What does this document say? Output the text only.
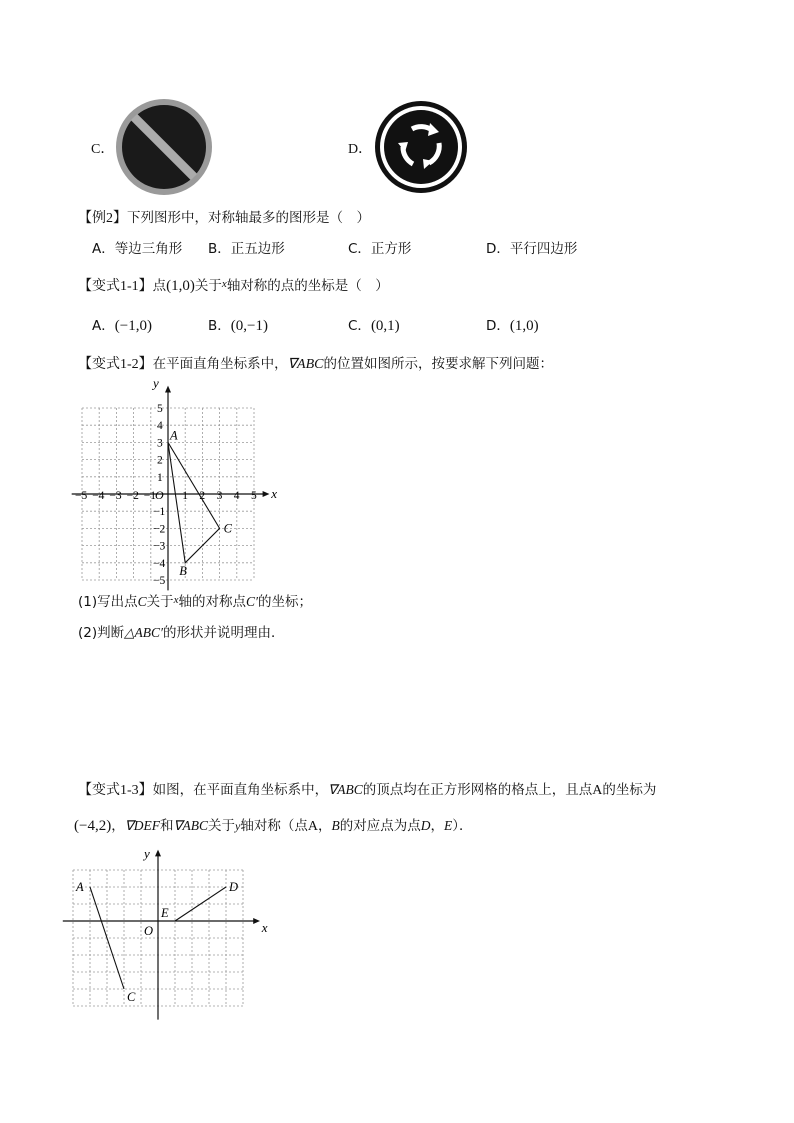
C．	D．
【例2】下列图形中，对称轴最多的图形是（　）
A．等边三角形 B．正五边形	C．正方形	D．平行四边形
【变式1-1】点(1,0)关于$^x$轴对称的点的坐标是（　）
A．(−1,0)	B．(0,−1)	C．(0,1)	D．(1,0)
【变式1-2】在平面直角坐标系中，∇ABC的位置如图所示，按要求解下列问题：
x
y
O
−5 −4 −3 −2 −1 1 2 3 4 5
5
4
3
2
1
−1
−2
−3
−4
−5
A
B
C
(1)写出点C关于$^x$轴的对称点C′的坐标；
(2)判断△ABC′的形状并说明理由．
【变式1-3】如图，在平面直角坐标系中，∇ABC的顶点均在正方形网格的格点上，且点A的坐标为
(−4,2)，∇DEF和∇ABC关于y轴对称（点A，B的对应点为点D，E）．
x
y
O
A
C
D
E
